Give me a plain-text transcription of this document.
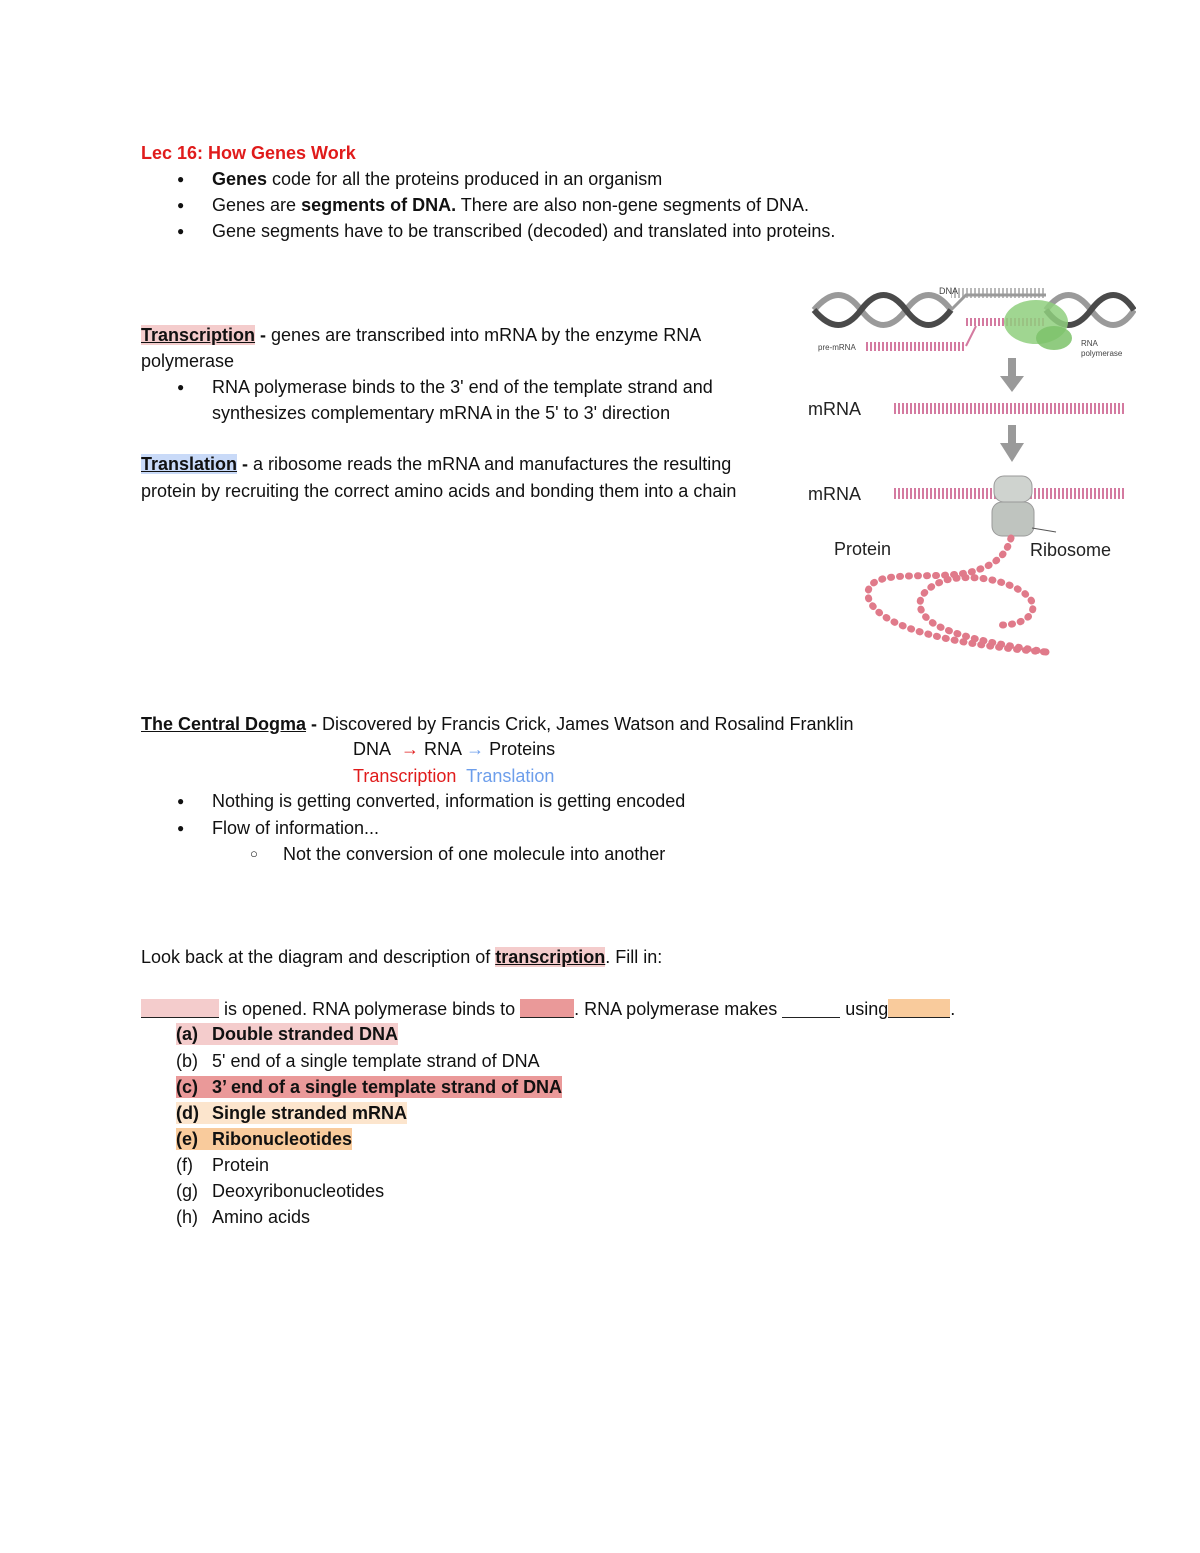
Lec 16: How Genes Work
● Genes code for all the proteins produced in an organism
● Genes are segments of DNA. There are also non-gene segments of DNA.
● Gene segments have to be transcribed (decoded) and translated into proteins.
Transcription - genes are transcribed into mRNA by the enzyme RNA
polymerase
● RNA polymerase binds to the 3' end of the template strand and
synthesizes complementary mRNA in the 5' to 3' direction
Translation - a ribosome reads the mRNA and manufactures the resulting
protein by recruiting the correct amino acids and bonding them into a chain
DNA
pre-mRNA	RNA
polymerase
mRNA
mRNA
Protein	Ribosome
The Central Dogma - Discovered by Francis Crick, James Watson and Rosalind Franklin
DNA → RNA → Proteins
Transcription Translation
● Nothing is getting converted, information is getting encoded
● Flow of information...
○ Not the conversion of one molecule into another
Look back at the diagram and description of transcription. Fill in:
is opened. RNA polymerase binds to	. RNA polymerase makes	using	.
(a) Double stranded DNA
(b) 5' end of a single template strand of DNA
(c) 3’ end of a single template strand of DNA
(d) Single stranded mRNA
(e) Ribonucleotides
(f) Protein
(g) Deoxyribonucleotides
(h) Amino acids
